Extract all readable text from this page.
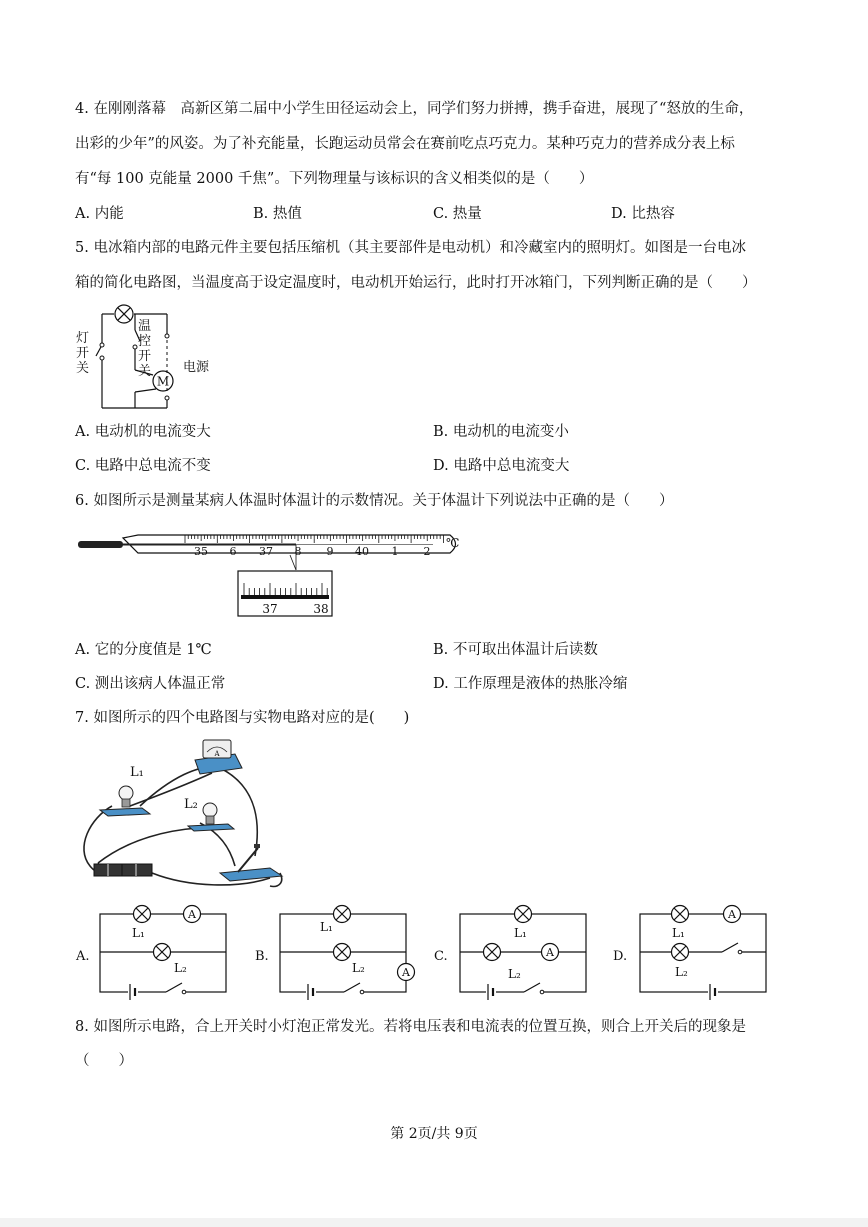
4. 在刚刚落幕　高新区第二届中小学生田径运动会上，同学们努力拼搏，携手奋进，展现了“怒放的生命，
出彩的少年”的风姿。为了补充能量，长跑运动员常会在赛前吃点巧克力。某种巧克力的营养成分表上标
有“每 100 克能量 2000 千焦”。下列物理量与该标识的含义相类似的是（　　）
A. 内能	B. 热值	C. 热量	D. 比热容
5. 电冰箱内部的电路元件主要包括压缩机（其主要部件是电动机）和冷藏室内的照明灯。如图是一台电冰
箱的简化电路图，当温度高于设定温度时，电动机开始运行，此时打开冰箱门，下列判断正确的是（　　）
M
灯开关
温控开关 电源
A. 电动机的电流变大	B. 电动机的电流变小
C. 电路中总电流不变	D. 电路中总电流变大
6. 如图所示是测量某病人体温时体温计的示数情况。关于体温计下列说法中正确的是（　　）
35 6 37 8 9 40 1 2
℃
37	38
A. 它的分度值是 1℃	B. 不可取出体温计后读数
C. 测出该病人体温正常	D. 工作原理是液体的热胀冷缩
7. 如图所示的四个电路图与实物电路对应的是(　　)
L₁
L₂
A
A.	B.	C.	D.
A
A
A
A
L₁
L₂
L₁
L₂
L₁
L₂
L₁
L₂
8. 如图所示电路，合上开关时小灯泡正常发光。若将电压表和电流表的位置互换，则合上开关后的现象是
（　　）
第 2页/共 9页
